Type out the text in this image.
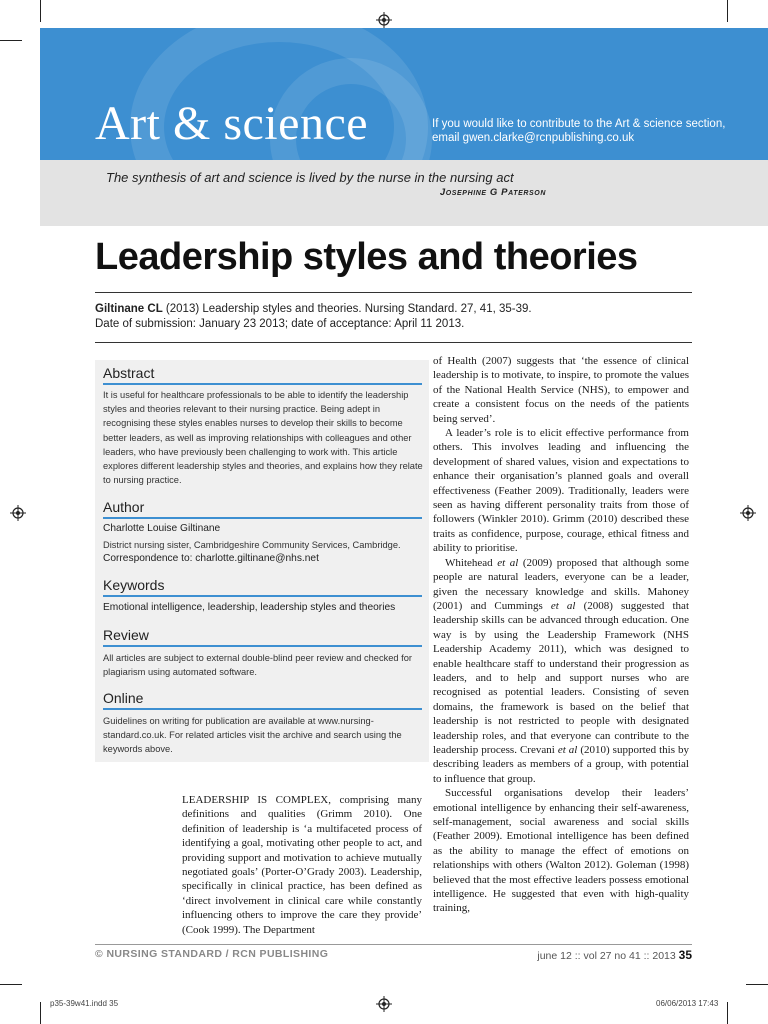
Art & science	If you would like to contribute to the Art & science section, email gwen.clarke@rcnpublishing.co.uk
The synthesis of art and science is lived by the nurse in the nursing act
Josephine G Paterson
Leadership styles and theories
Giltinane CL (2013) Leadership styles and theories. Nursing Standard. 27, 41, 35-39.
Date of submission: January 23 2013; date of acceptance: April 11 2013.
Abstract
It is useful for healthcare professionals to be able to identify the leadership styles and theories relevant to their nursing practice. Being adept in recognising these styles enables nurses to develop their skills to become better leaders, as well as improving relationships with colleagues and other leaders, who have previously been challenging to work with. This article explores different leadership styles and theories, and explains how they relate to nursing practice.
Author
Charlotte Louise Giltinane
District nursing sister, Cambridgeshire Community Services, Cambridge.
Correspondence to: charlotte.giltinane@nhs.net
Keywords
Emotional intelligence, leadership, leadership styles and theories
Review
All articles are subject to external double-blind peer review and checked for plagiarism using automated software.
Online
Guidelines on writing for publication are available at www.nursing-standard.co.uk. For related articles visit the archive and search using the keywords above.

LEADERSHIP IS COMPLEX, comprising many definitions and qualities (Grimm 2010). One definition of leadership is ‘a multifaceted process of identifying a goal, motivating other people to act, and providing support and motivation to achieve mutually negotiated goals’ (Porter-O’Grady 2003). Leadership, specifically in clinical practice, has been defined as ‘direct involvement in clinical care while constantly influencing others to improve the care they provide’ (Cook 1999). The Department

of Health (2007) suggests that ‘the essence of clinical leadership is to motivate, to inspire, to promote the values of the National Health Service (NHS), to empower and create a consistent focus on the needs of the patients being served’.

A leader’s role is to elicit effective performance from others. This involves leading and influencing the development of shared values, vision and expectations to enhance their organisation’s planned goals and overall effectiveness (Feather 2009). Traditionally, leaders were seen as having different personality traits from those of followers (Winkler 2010). Grimm (2010) described these traits as confidence, purpose, courage, ethical fitness and ability to prioritise.

Whitehead et al (2009) proposed that although some people are natural leaders, everyone can be a leader, given the necessary knowledge and skills. Mahoney (2001) and Cummings et al (2008) suggested that leadership skills can be advanced through education. One way is by using the Leadership Framework (NHS Leadership Academy 2011), which was designed to enable healthcare staff to understand their progression as leaders, and to help and support nurses who are recognised as potential leaders. Consisting of seven domains, the framework is based on the belief that leadership is not restricted to people with designated leadership roles, and that everyone can contribute to the leadership process. Crevani et al (2010) supported this by describing leaders as members of a group, with potential to influence that group.

Successful organisations develop their leaders’ emotional intelligence by enhancing their self-awareness, self-management, social awareness and social skills (Feather 2009). Emotional intelligence has been defined as the ability to manage the effect of emotions on relationships with others (Walton 2012). Goleman (1998) believed that the most effective leaders possess emotional intelligence. He suggested that even with high-quality training,

© NURSING STANDARD / RCN PUBLISHING	june 12 :: vol 27 no 41 :: 2013 35
p35-39w41.indd 35	06/06/2013 17:43
